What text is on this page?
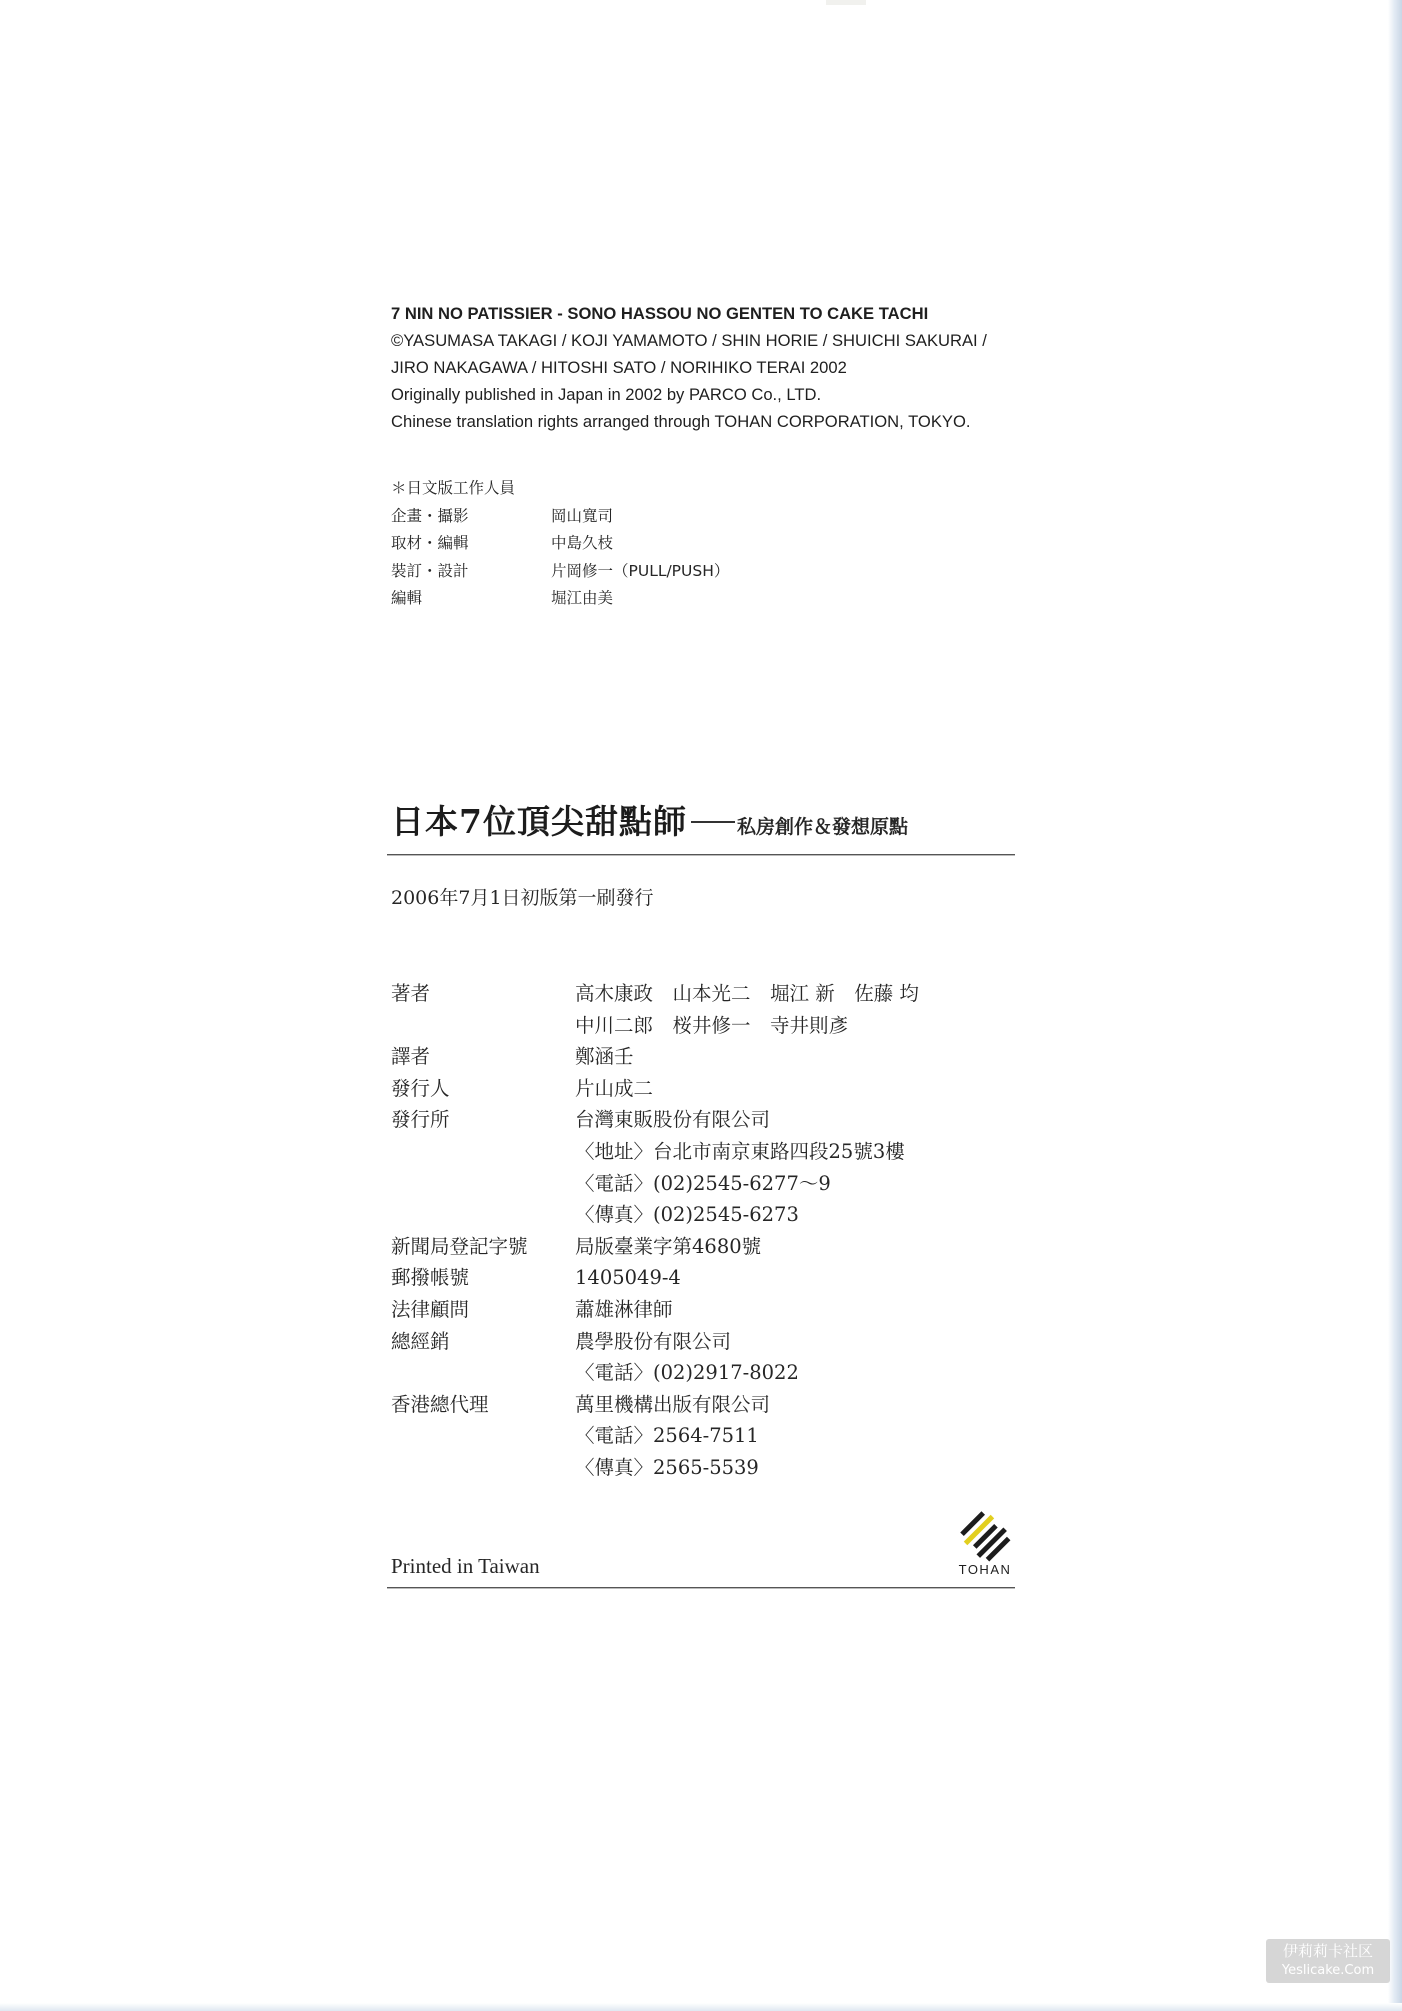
7 NIN NO PATISSIER - SONO HASSOU NO GENTEN TO CAKE TACHI
©YASUMASA TAKAGI / KOJI YAMAMOTO / SHIN HORIE / SHUICHI SAKURAI /
JIRO NAKAGAWA / HITOSHI SATO / NORIHIKO TERAI 2002
Originally published in Japan in 2002 by PARCO Co., LTD.
Chinese translation rights arranged through TOHAN CORPORATION, TOKYO.
＊日文版工作人員
企畫・攝影	岡山寬司
取材・編輯	中島久枝
裝訂・設計	片岡修一（PULL/PUSH）
編輯	堀江由美
日本7位頂尖甜點師	私房創作＆發想原點
2006年7月1日初版第一刷發行
著者	高木康政　山本光二　堀江 新　佐藤 均
中川二郎　桜井修一　寺井則彥
譯者	鄭涵壬
發行人	片山成二
發行所	台灣東販股份有限公司
〈地址〉台北市南京東路四段25號3樓
〈電話〉(02)2545-6277～9
〈傳真〉(02)2545-6273
新聞局登記字號	局版臺業字第4680號
郵撥帳號	1405049-4
法律顧問	蕭雄淋律師
總經銷	農學股份有限公司
〈電話〉(02)2917-8022
香港總代理	萬里機構出版有限公司
〈電話〉2564-7511
〈傳真〉2565-5539
Printed in Taiwan	TOHAN
伊莉莉卡社区
Yeslicake.Com
